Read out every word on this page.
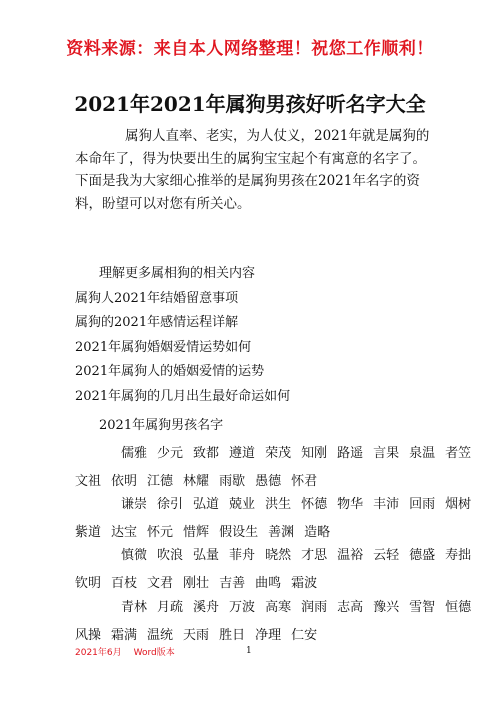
资料来源：来自本人网络整理！祝您工作顺利！
2021年2021年属狗男孩好听名字大全

属狗人直率、老实，为人仗义，2021年就是属狗的本命年了，得为快要出生的属狗宝宝起个有寓意的名字了。下面是我为大家细心推举的是属狗男孩在2021年名字的资料，盼望可以对您有所关心。

理解更多属相狗的相关内容
属狗人2021年结婚留意事项
属狗的2021年感情运程详解
2021年属狗婚姻爱情运势如何
2021年属狗人的婚姻爱情的运势
2021年属狗的几月出生最好命运如何
2021年属狗男孩名字
儒雅 少元 致都 遵道 荣茂 知刚 路遥 言果 泉温 者笠
文祖 依明 江德 林耀 雨歇 愚德 怀君
谦崇 徐引 弘道 兢业 洪生 怀德 物华 丰沛 回雨 烟树
紫道 达宝 怀元 惜辉 假设生 善渊 造略
慎微 吹浪 弘量 菲舟 晓然 才思 温裕 云轻 德盛 寿拙
钦明 百枝 文君 刚壮 吉善 曲鸣 霜波
青林 月疏 溪舟 万波 高寒 润雨 志高 豫兴 雪智 恒德
风操 霜满 温统 天雨 胜日 净理 仁安
2021年6月 Word版本	1
